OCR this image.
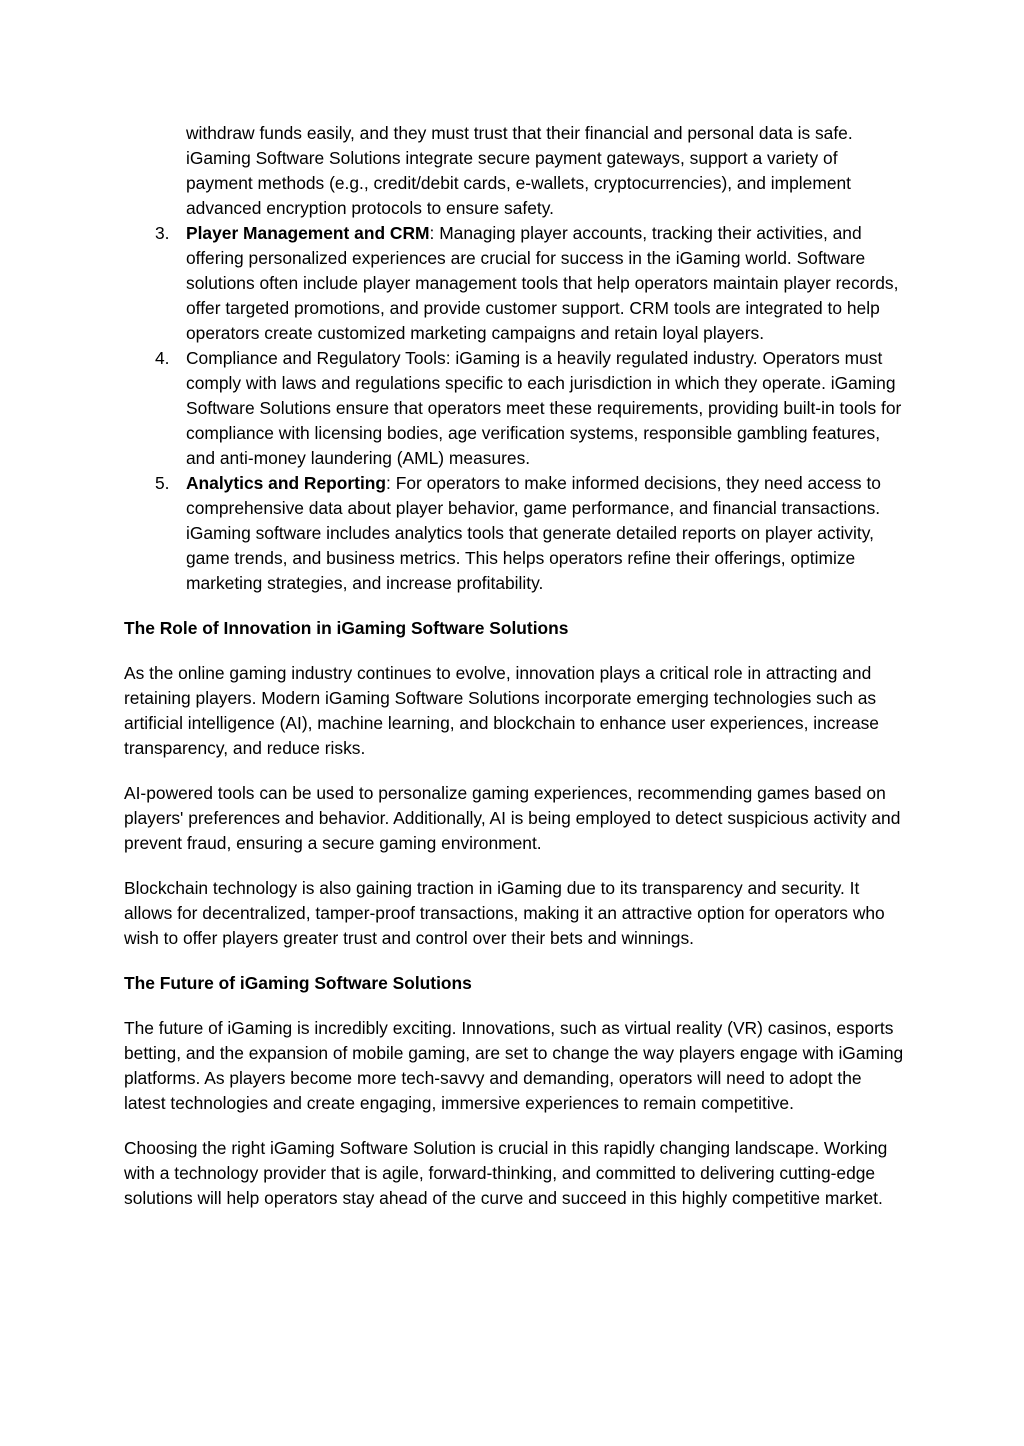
withdraw funds easily, and they must trust that their financial and personal data is safe. iGaming Software Solutions integrate secure payment gateways, support a variety of payment methods (e.g., credit/debit cards, e-wallets, cryptocurrencies), and implement advanced encryption protocols to ensure safety.
3. Player Management and CRM: Managing player accounts, tracking their activities, and offering personalized experiences are crucial for success in the iGaming world. Software solutions often include player management tools that help operators maintain player records, offer targeted promotions, and provide customer support. CRM tools are integrated to help operators create customized marketing campaigns and retain loyal players.
4. Compliance and Regulatory Tools: iGaming is a heavily regulated industry. Operators must comply with laws and regulations specific to each jurisdiction in which they operate. iGaming Software Solutions ensure that operators meet these requirements, providing built-in tools for compliance with licensing bodies, age verification systems, responsible gambling features, and anti-money laundering (AML) measures.
5. Analytics and Reporting: For operators to make informed decisions, they need access to comprehensive data about player behavior, game performance, and financial transactions. iGaming software includes analytics tools that generate detailed reports on player activity, game trends, and business metrics. This helps operators refine their offerings, optimize marketing strategies, and increase profitability.
The Role of Innovation in iGaming Software Solutions

As the online gaming industry continues to evolve, innovation plays a critical role in attracting and retaining players. Modern iGaming Software Solutions incorporate emerging technologies such as artificial intelligence (AI), machine learning, and blockchain to enhance user experiences, increase transparency, and reduce risks.

AI-powered tools can be used to personalize gaming experiences, recommending games based on players' preferences and behavior. Additionally, AI is being employed to detect suspicious activity and prevent fraud, ensuring a secure gaming environment.

Blockchain technology is also gaining traction in iGaming due to its transparency and security. It allows for decentralized, tamper-proof transactions, making it an attractive option for operators who wish to offer players greater trust and control over their bets and winnings.

The Future of iGaming Software Solutions

The future of iGaming is incredibly exciting. Innovations, such as virtual reality (VR) casinos, esports betting, and the expansion of mobile gaming, are set to change the way players engage with iGaming platforms. As players become more tech-savvy and demanding, operators will need to adopt the latest technologies and create engaging, immersive experiences to remain competitive.

Choosing the right iGaming Software Solution is crucial in this rapidly changing landscape. Working with a technology provider that is agile, forward-thinking, and committed to delivering cutting-edge solutions will help operators stay ahead of the curve and succeed in this highly competitive market.
